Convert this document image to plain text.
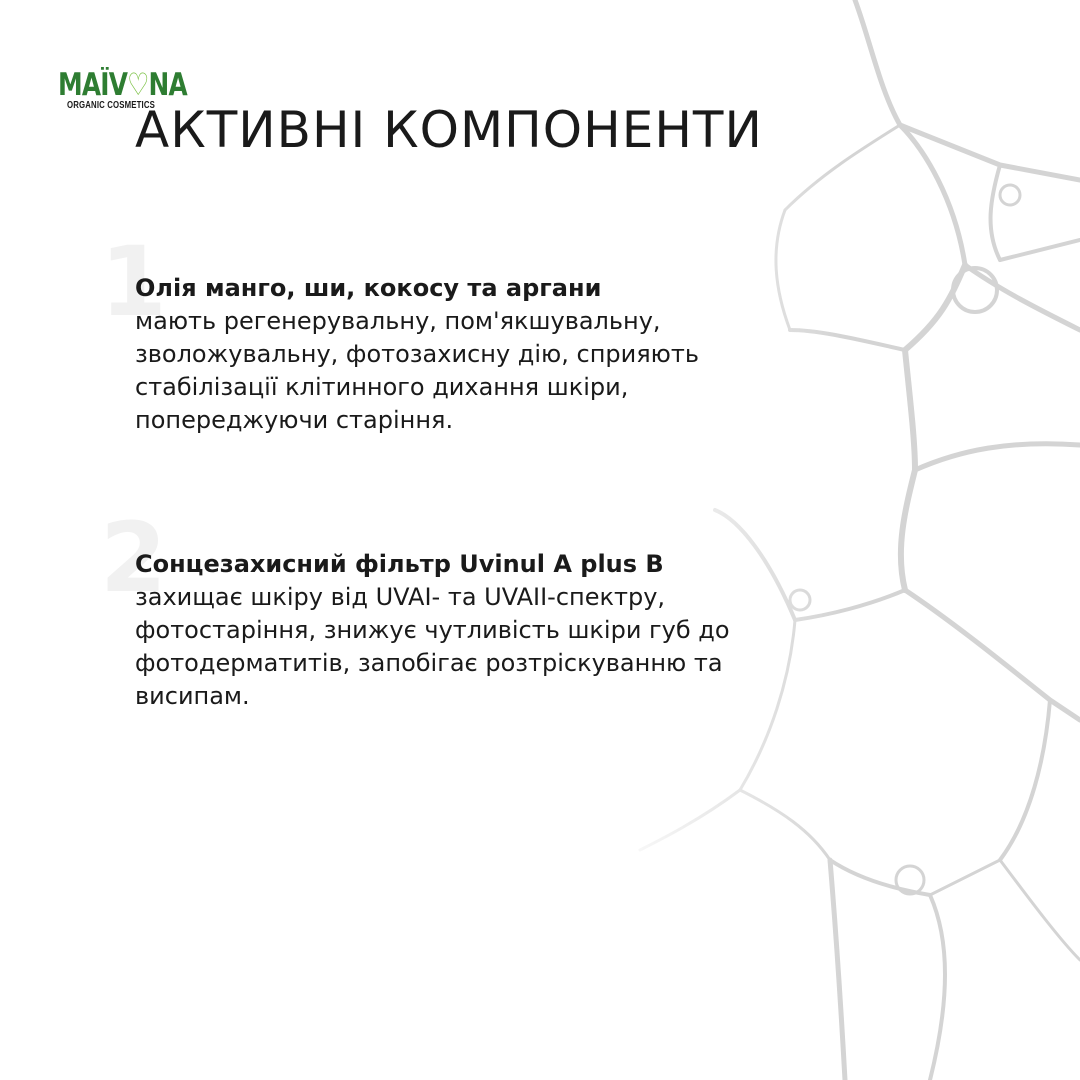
MAÏV♡NA
ORGANIC COSMETICS
АКТИВНІ КОМПОНЕНТИ
1
Олія манго, ши, кокосу та аргани
мають регенерувальну, пом'якшувальну, зволожувальну, фотозахисну дію, сприяють стабілізації клітинного дихання шкіри, попереджуючи старіння.
2
Сонцезахисний фільтр Uvinul A plus B
захищає шкіру від UVAI- та UVAII-спектру, фотостаріння, знижує чутливість шкіри губ до фотодерматитів, запобігає розтріскуванню та висипам.
